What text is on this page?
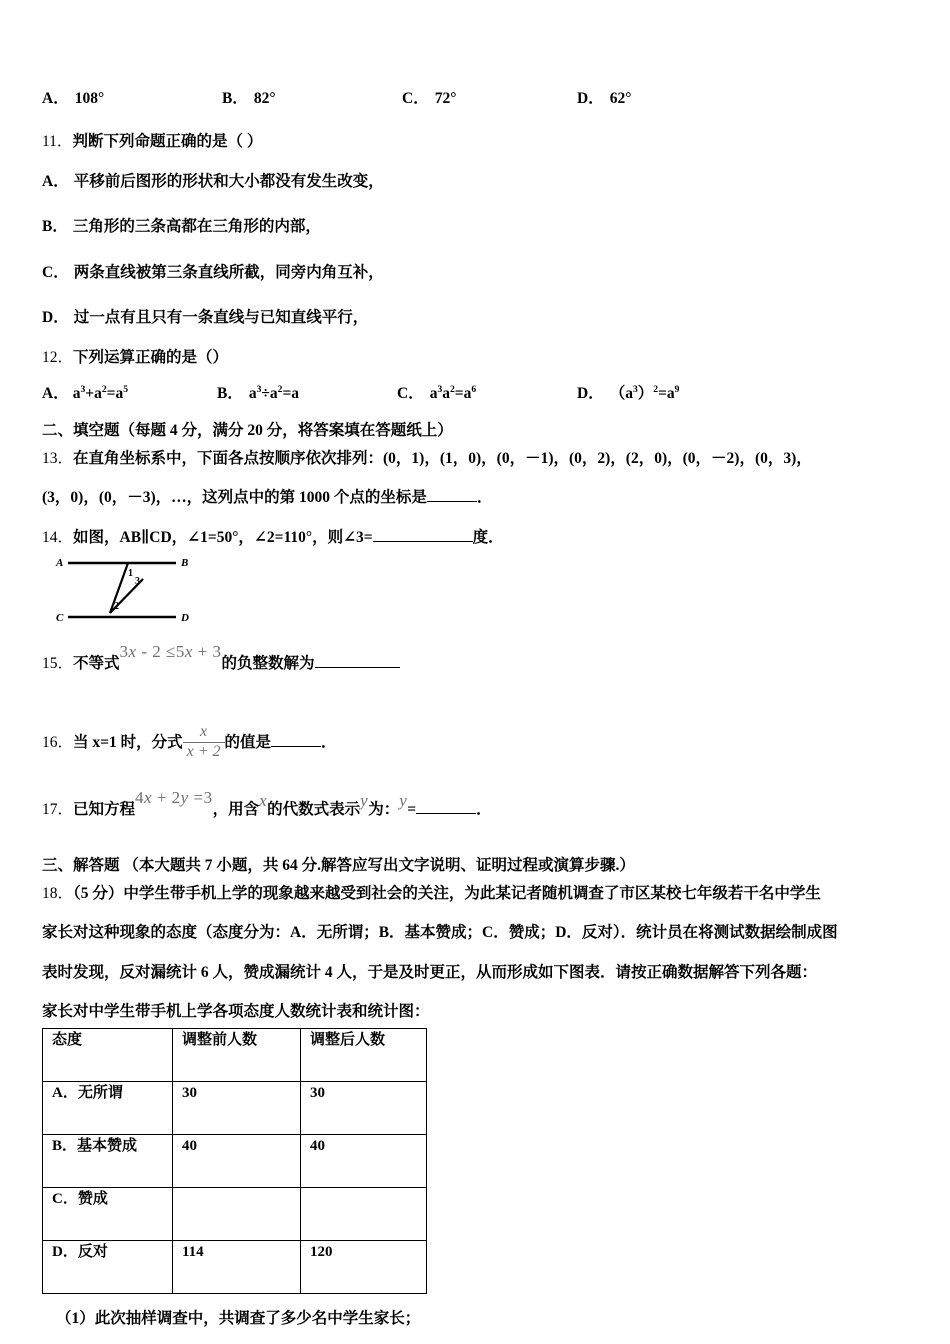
A． 108°	B． 82°	C． 72°	D． 62°
11．判断下列命题正确的是（ ）
A． 平移前后图形的形状和大小都没有发生改变，
B． 三角形的三条高都在三角形的内部，
C． 两条直线被第三条直线所截，同旁内角互补，
D． 过一点有且只有一条直线与已知直线平行，
12．下列运算正确的是（）
A． $a^3+a^2=a^5$	B． $a^3\div a^2=a$	C． $a^3a^2=a^6$	D． $(a^3)^2=a^9$
二、填空题（每题 4 分，满分 20 分，将答案填在答题纸上）
13．在直角坐标系中，下面各点按顺序依次排列：(0，1)，(1，0)，(0，－1)，(0，2)，(2，0)，(0，－2)，(0，3)，
(3，0)，(0，－3)，…，这列点中的第 1000 个点的坐标是	．
14．如图，AB∥CD，∠1=50°，∠2=110°，则∠3=	度．
A	B
C	D
1
2
3
15．不等式3x - 2 ≤5x + 3的负整数解为
16．当 x=1 时，分式 $\frac{x}{x + 2}$ 的值是	．
17．已知方程4x + 2y =3，用含x的代数式表示y为：y=	．
三、解答题 （本大题共 7 小题，共 64 分.解答应写出文字说明、证明过程或演算步骤.）
18．（5 分）中学生带手机上学的现象越来越受到社会的关注，为此某记者随机调查了市区某校七年级若干名中学生
家长对这种现象的态度（态度分为：A．无所谓；B．基本赞成；C．赞成；D．反对）．统计员在将测试数据绘制成图
表时发现，反对漏统计 6 人，赞成漏统计 4 人，于是及时更正，从而形成如下图表．请按正确数据解答下列各题：
家长对中学生带手机上学各项态度人数统计表和统计图：
态度	调整前人数	调整后人数
A．无所谓	30	30
B．基本赞成	40	40
C．赞成		
D．反对	114	120
（1）此次抽样调查中，共调查了多少名中学生家长；
